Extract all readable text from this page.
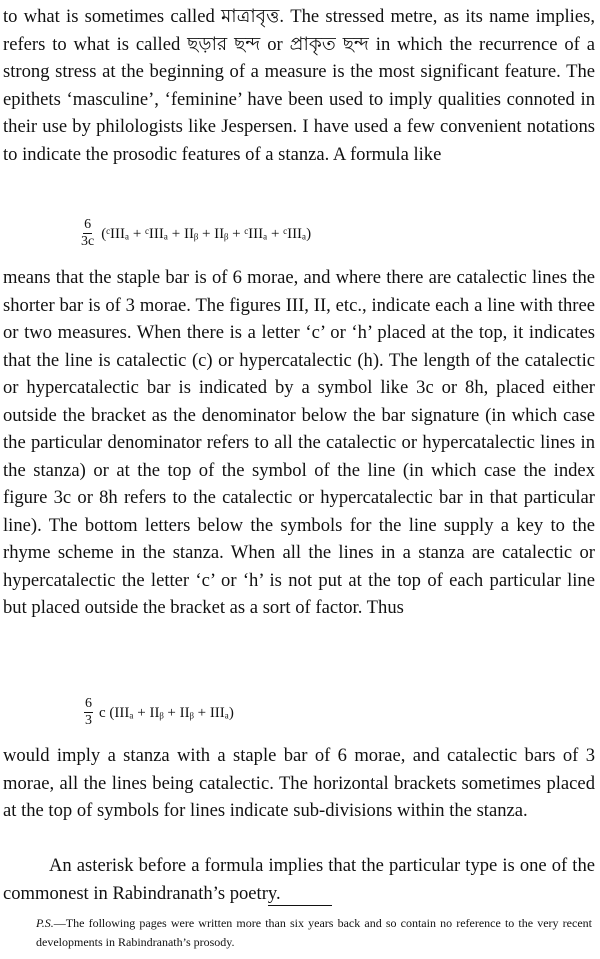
to what is sometimes called মাত্রাবৃত্ত. The stressed metre, as its name implies, refers to what is called ছড়ার ছন্দ or প্রাকৃত ছন্দ in which the recurrence of a strong stress at the beginning of a measure is the most significant feature. The epithets ‘masculine’, ‘feminine’ have been used to imply qualities connoted in their use by philologists like Jespersen. I have used a few convenient notations to indicate the prosodic features of a stanza. A formula like

$\frac{6}{3c}$ (ᶜIIIₐ + ᶜIIIₐ + IIᵦ + IIᵦ + ᶜIIIₐ + ᶜIIIₐ)

means that the staple bar is of 6 morae, and where there are catalectic lines the shorter bar is of 3 morae. The figures III, II, etc., indicate each a line with three or two measures. When there is a letter ‘c’ or ‘h’ placed at the top, it indicates that the line is catalectic (c) or hypercatalectic (h). The length of the catalectic or hypercatalectic bar is indicated by a symbol like 3c or 8h, placed either outside the bracket as the denominator below the bar signature (in which case the particular denominator refers to all the catalectic or hypercatalectic lines in the stanza) or at the top of the symbol of the line (in which case the index figure 3c or 8h refers to the catalectic or hypercatalectic bar in that particular line). The bottom letters below the symbols for the line supply a key to the rhyme scheme in the stanza. When all the lines in a stanza are catalectic or hypercatalectic the letter ‘c’ or ‘h’ is not put at the top of each particular line but placed outside the bracket as a sort of factor. Thus

$\frac{6}{3}$ c (IIIₐ + IIᵦ + IIᵦ + IIIₐ)

would imply a stanza with a staple bar of 6 morae, and catalectic bars of 3 morae, all the lines being catalectic. The horizontal brackets sometimes placed at the top of symbols for lines indicate sub-divisions within the stanza.

An asterisk before a formula implies that the particular type is one of the commonest in Rabindranath’s poetry.

P.S.—The following pages were written more than six years back and so contain no reference to the very recent developments in Rabindranath’s prosody.
